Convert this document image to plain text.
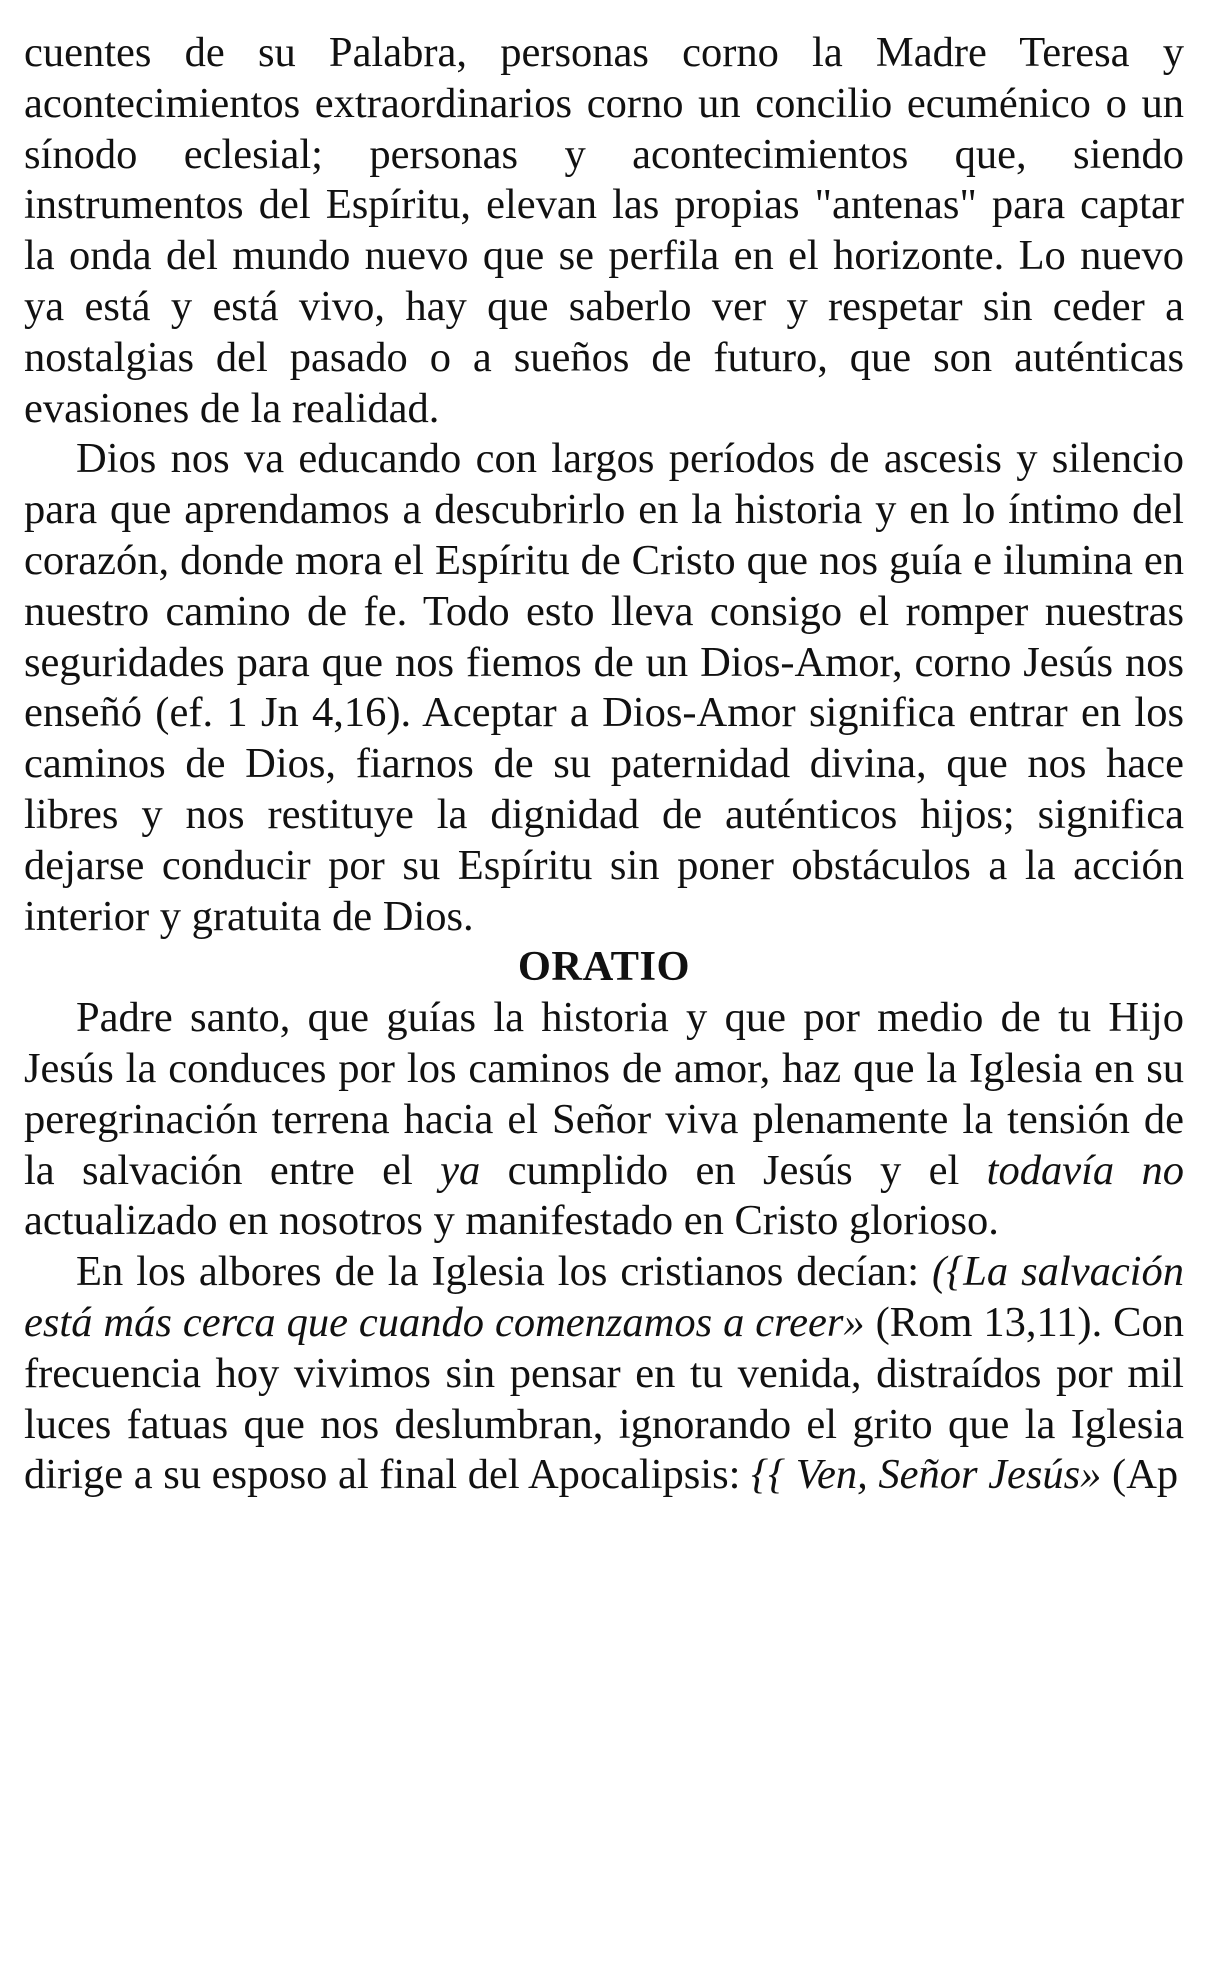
cuentes de su Palabra, personas corno la Madre Teresa y acontecimientos extraordinarios corno un concilio ecuménico o un sínodo eclesial; personas y acontecimientos que, siendo instrumentos del Espíritu, elevan las propias "antenas" para captar la onda del mundo nuevo que se perfila en el horizonte. Lo nuevo ya está y está vivo, hay que saberlo ver y respetar sin ceder a nostalgias del pasado o a sueños de futuro, que son auténticas evasiones de la realidad.

Dios nos va educando con largos períodos de ascesis y silencio para que aprendamos a descubrirlo en la historia y en lo íntimo del corazón, donde mora el Espíritu de Cristo que nos guía e ilumina en nuestro camino de fe. Todo esto lleva consigo el romper nuestras seguridades para que nos fiemos de un Dios-Amor, corno Jesús nos enseñó (ef. 1 Jn 4,16). Aceptar a Dios-Amor significa entrar en los caminos de Dios, fiarnos de su paternidad divina, que nos hace libres y nos restituye la dignidad de auténticos hijos; significa dejarse conducir por su Espíritu sin poner obstáculos a la acción interior y gratuita de Dios.

ORATIO

Padre santo, que guías la historia y que por medio de tu Hijo Jesús la conduces por los caminos de amor, haz que la Iglesia en su peregrinación terrena hacia el Señor viva plenamente la tensión de la salvación entre el ya cumplido en Jesús y el todavía no actualizado en nosotros y manifestado en Cristo glorioso.

En los albores de la Iglesia los cristianos decían: ({La salvación está más cerca que cuando comenzamos a creer» (Rom 13,11). Con frecuencia hoy vivimos sin pensar en tu venida, distraídos por mil luces fatuas que nos deslumbran, ignorando el grito que la Iglesia dirige a su esposo al final del Apocalipsis: {{ Ven, Señor Jesús» (Ap
